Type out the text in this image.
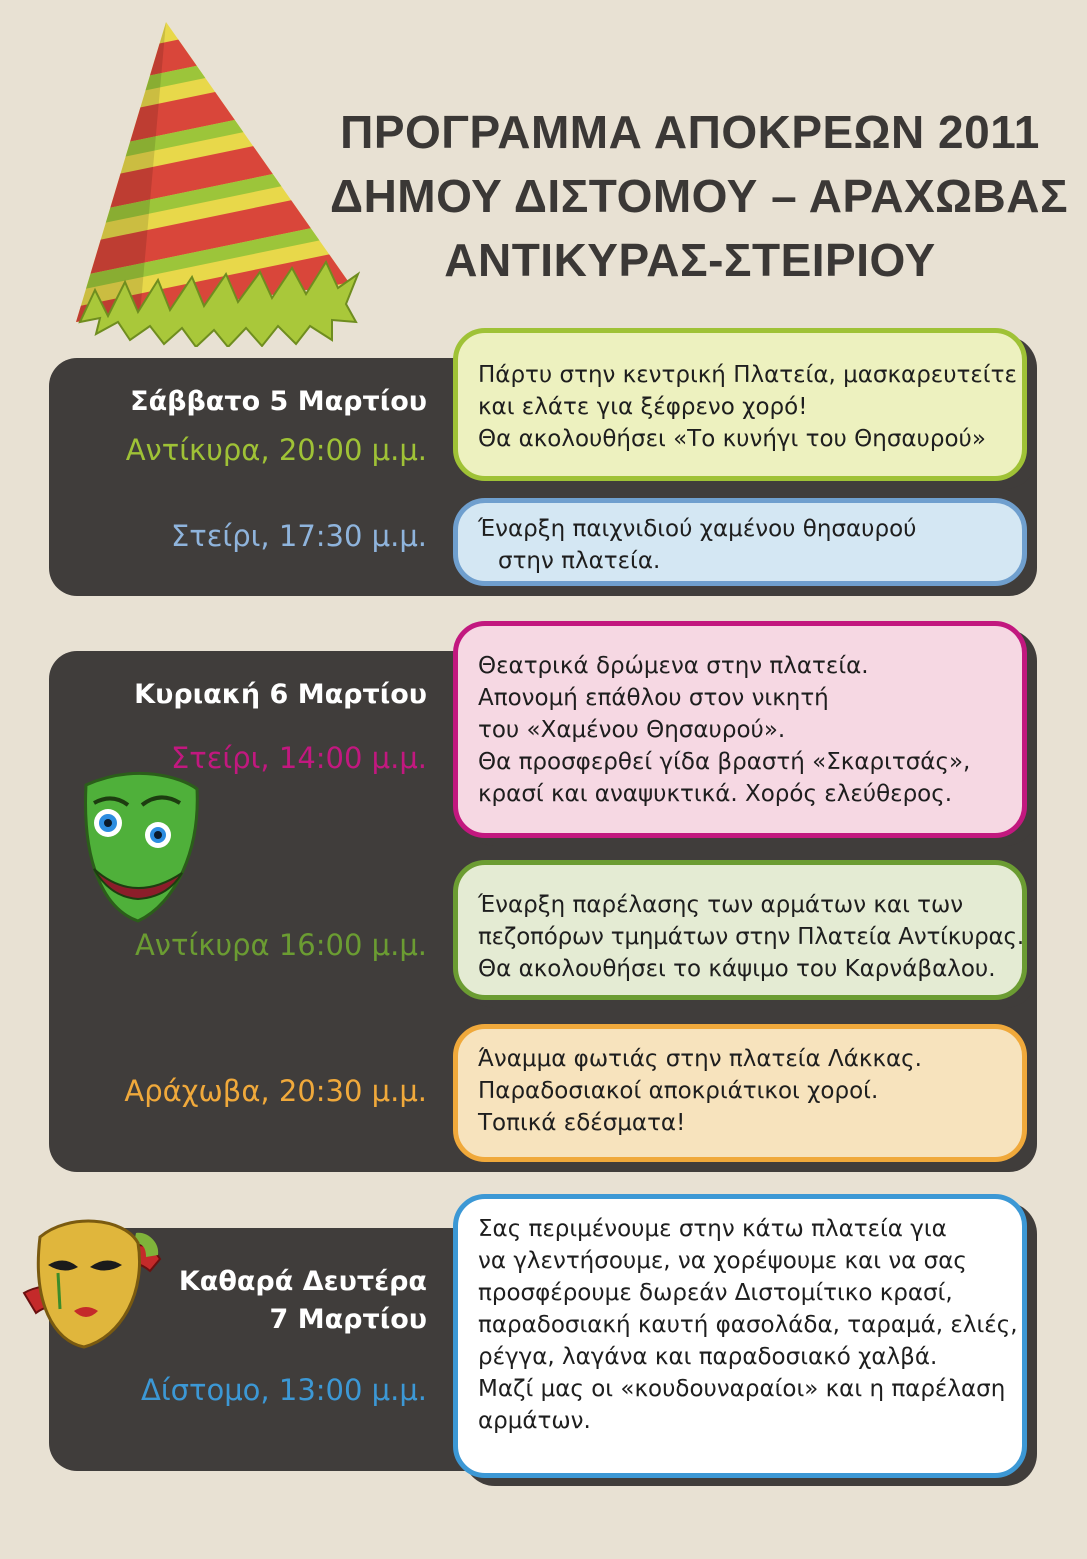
ΠΡΟΓΡΑΜΜΑ ΑΠΟΚΡΕΩΝ 2011
ΔΗΜΟΥ ΔΙΣΤΟΜΟΥ – ΑΡΑΧΩΒΑΣ
ΑΝΤΙΚΥΡΑΣ-ΣΤΕΙΡΙΟΥ
Σάββατο 5 Μαρτίου
Αντίκυρα, 20:00 μ.μ.
Στείρι, 17:30 μ.μ.
Κυριακή 6 Μαρτίου
Στείρι, 14:00 μ.μ.
Αντίκυρα 16:00 μ.μ.
Αράχωβα, 20:30 μ.μ.
Καθαρά Δευτέρα
7 Μαρτίου
Δίστομο, 13:00 μ.μ.
Πάρτυ στην κεντρική Πλατεία, μασκαρευτείτε
και ελάτε για ξέφρενο χορό!
Θα ακολουθήσει «Το κυνήγι του Θησαυρού»
Έναρξη παιχνιδιού χαμένου θησαυρού
στην πλατεία.
Θεατρικά δρώμενα στην πλατεία.
Απονομή επάθλου στον νικητή
του «Χαμένου Θησαυρού».
Θα προσφερθεί γίδα βραστή «Σκαριτσάς»,
κρασί και αναψυκτικά. Χορός ελεύθερος.
Έναρξη παρέλασης των αρμάτων και των
πεζοπόρων τμημάτων στην Πλατεία Αντίκυρας.
Θα ακολουθήσει το κάψιμο του Καρνάβαλου.
Άναμμα φωτιάς στην πλατεία Λάκκας.
Παραδοσιακοί αποκριάτικοι χοροί.
Τοπικά εδέσματα!
Σας περιμένουμε στην κάτω πλατεία για
να γλεντήσουμε, να χορέψουμε και να σας
προσφέρουμε δωρεάν Διστομίτικο κρασί,
παραδοσιακή καυτή φασολάδα, ταραμά, ελιές,
ρέγγα, λαγάνα και παραδοσιακό χαλβά.
Μαζί μας οι «κουδουναραίοι» και η παρέλαση
αρμάτων.
